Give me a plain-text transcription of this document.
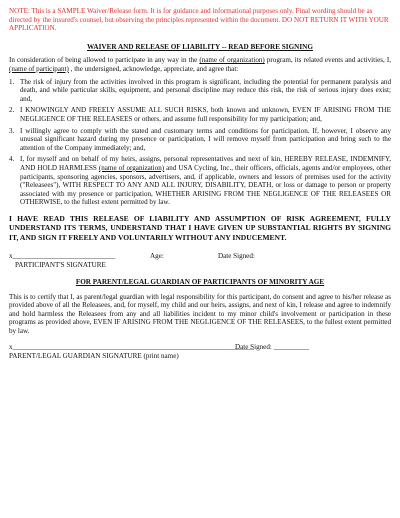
NOTE: This is a SAMPLE Waiver/Release form. It is for guidance and informational purposes only. Final wording should be as directed by the insured's counsel, but observing the principles represented within the document. DO NOT RETURN IT WITH YOUR APPLICATION.

WAIVER AND RELEASE OF LIABILITY -- READ BEFORE SIGNING

In consideration of being allowed to participate in any way in the (name of organization) program, its related events and activities, I, (name of participant) , the undersigned, acknowledge, appreciate, and agree that:

1. The risk of injury from the activities involved in this program is significant, including the potential for permanent paralysis and death, and while particular skills, equipment, and personal discipline may reduce this risk, the risk of serious injury does exist; and,
2. I KNOWINGLY AND FREELY ASSUME ALL SUCH RISKS, both known and unknown, EVEN IF ARISING FROM THE NEGLIGENCE OF THE RELEASEES or others, and assume full responsibility for my participation; and,
3. I willingly agree to comply with the stated and customary terms and conditions for participation. If, however, I observe any unusual significant hazard during my presence or participation, I will remove myself from participation and bring such to the attention of the Company immediately; and,
4. I, for myself and on behalf of my heirs, assigns, personal representatives and next of kin, HEREBY RELEASE, INDEMNIFY, AND HOLD HARMLESS (name of organization) and USA Cycling, Inc., their officers, officials, agents and/or employees, other participants, sponsoring agencies, sponsors, advertisers, and, if applicable, owners and lessors of premises used for the activity ("Releasees"), WITH RESPECT TO ANY AND ALL INJURY, DISABILITY, DEATH, or loss or damage to person or property associated with my presence or participation, WHETHER ARISING FROM THE NEGLIGENCE OF THE RELEASEES OR OTHERWISE, to the fullest extent permitted by law.

I HAVE READ THIS RELEASE OF LIABILITY AND ASSUMPTION OF RISK AGREEMENT, FULLY UNDERSTAND ITS TERMS, UNDERSTAND THAT I HAVE GIVEN UP SUBSTANTIAL RIGHTS BY SIGNING IT, AND SIGN IT FREELY AND VOLUNTARILY WITHOUT ANY INDUCEMENT.

x_____________________________	Age:	Date Signed:
PARTICIPANT'S SIGNATURE

FOR PARENT/LEGAL GUARDIAN OF PARTICIPANTS OF MINORITY AGE

This is to certify that I, as parent/legal guardian with legal responsibility for this participant, do consent and agree to his/her release as provided above of all the Releasees, and, for myself, my child and our heirs, assigns, and next of kin, I release and agree to indemnify and hold harmless the Releasees from any and all liabilities incident to my minor child's involvement or participation in these programs as provided above, EVEN IF ARISING FROM THE NEGLIGENCE OF THE RELEASEES, to the fullest extent permitted by law.

x____________________________________________________________________
Date Signed: __________
PARENT/LEGAL GUARDIAN SIGNATURE (print name)
